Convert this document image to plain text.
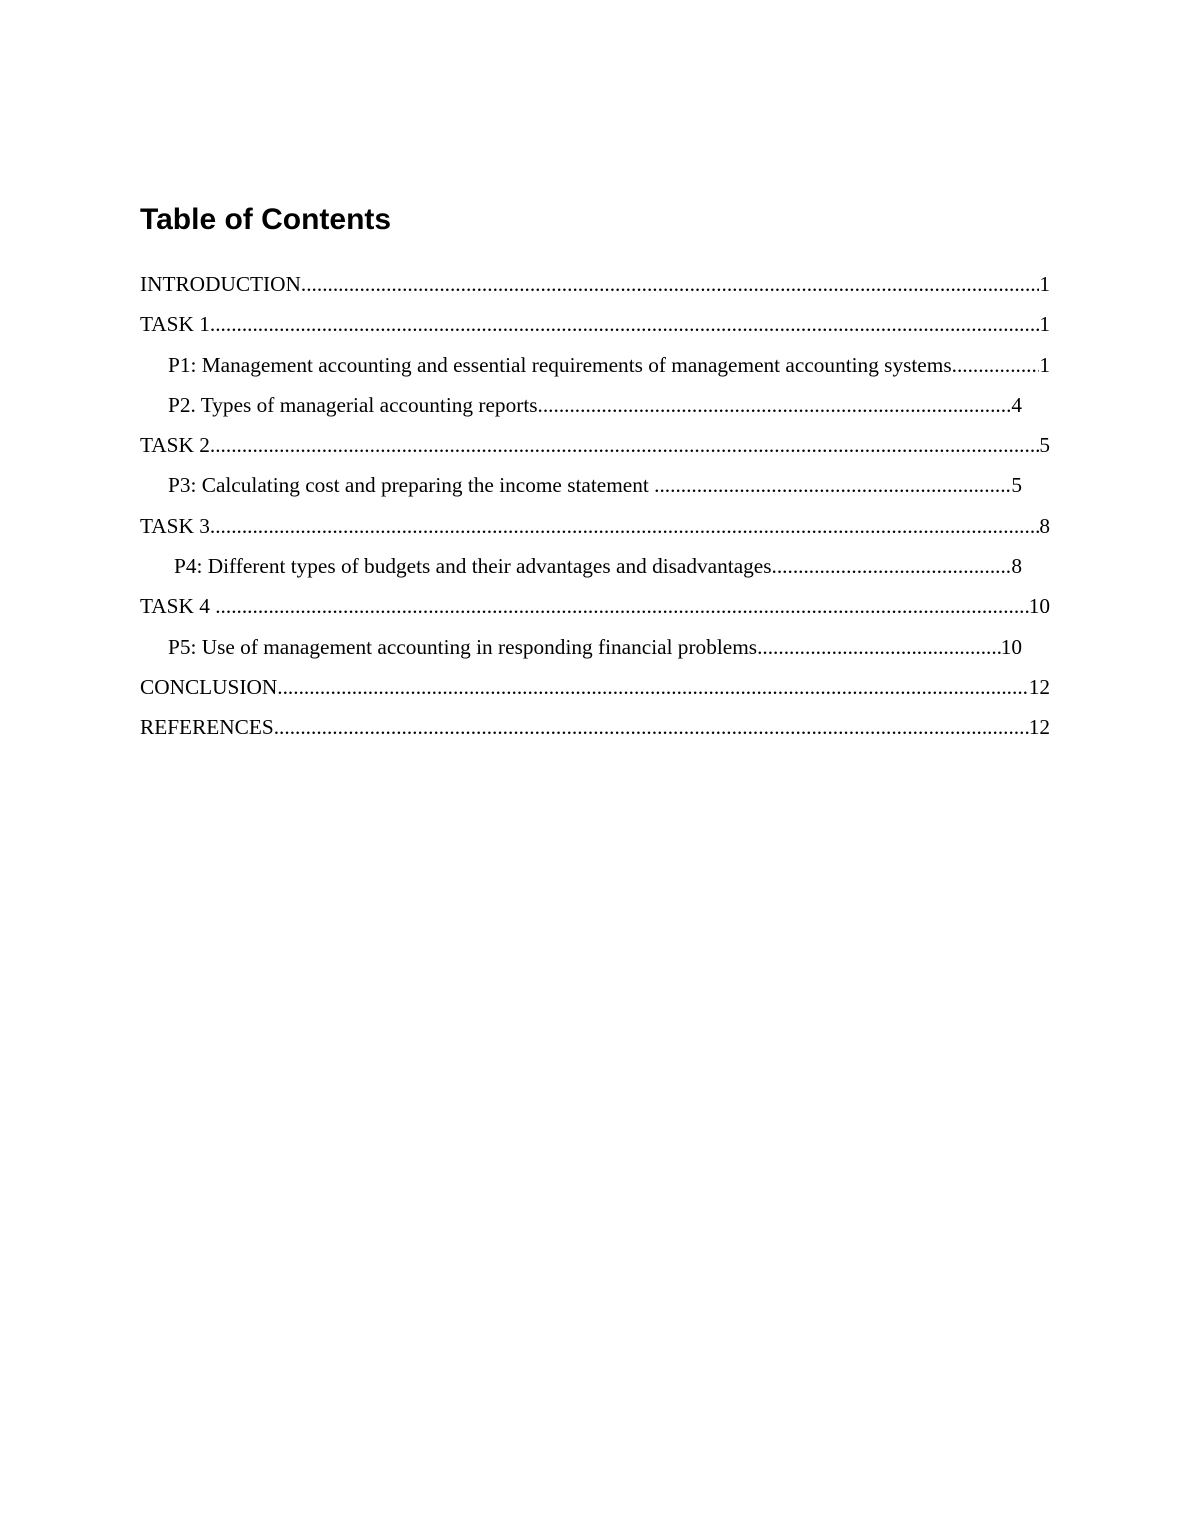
Table of Contents
INTRODUCTION .....	1
TASK 1 .....	1
P1: Management accounting and essential requirements of management accounting systems .....	1
P2. Types of managerial accounting reports .....	4
TASK 2 .....	5
P3: Calculating cost and preparing the income statement .....	5
TASK 3 .....	8
P4: Different types of budgets and their advantages and disadvantages .....	8
TASK 4 .....	10
P5: Use of management accounting in responding financial problems .....	10
CONCLUSION .....	12
REFERENCES .....	12
